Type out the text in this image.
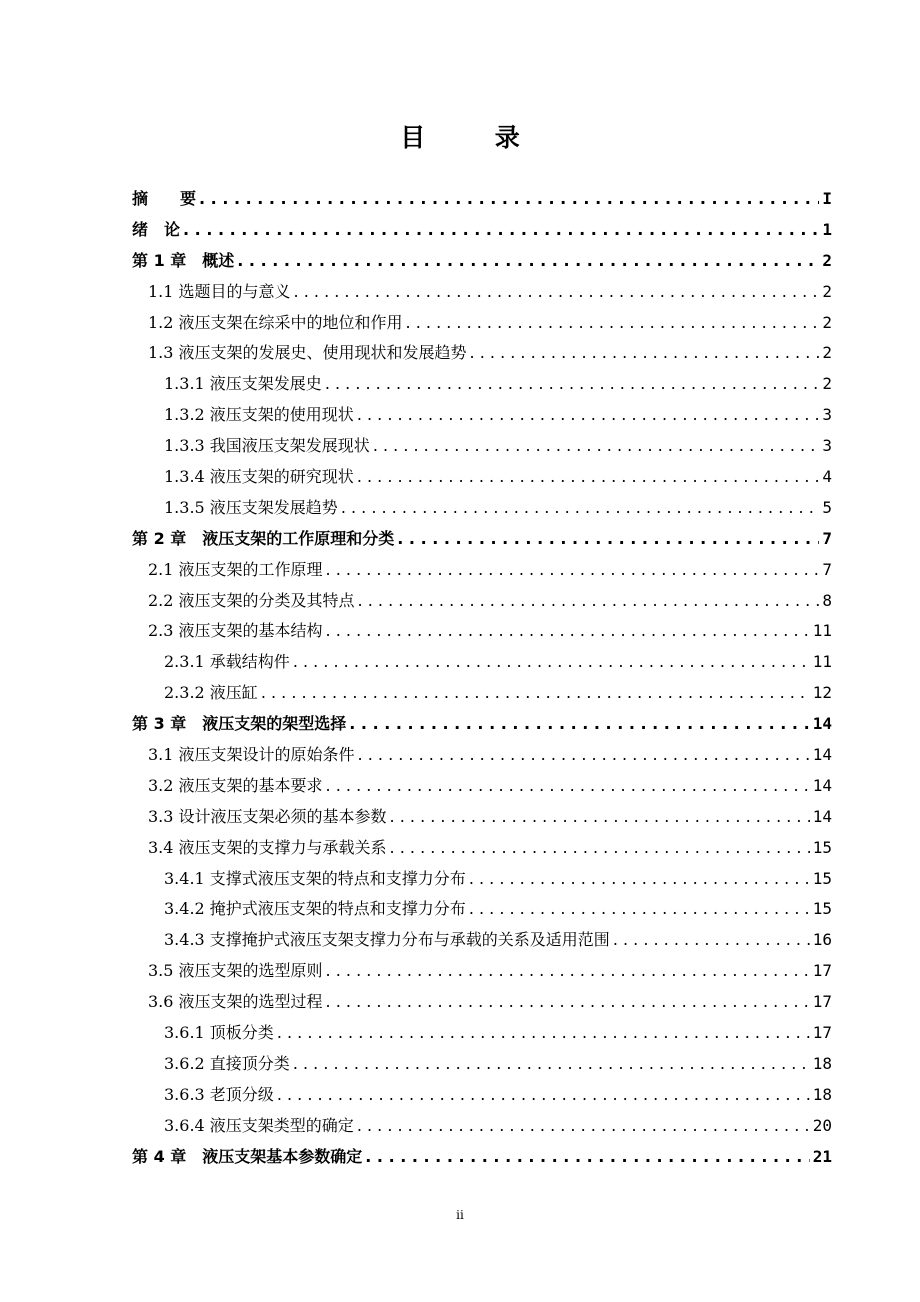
目	录
摘　　要 . . .	I
绪　论 . . .	1
第 1 章　概述 . . .	2
1.1 选题目的与意义 . . .	2
1.2 液压支架在综采中的地位和作用 . . .	2
1.3 液压支架的发展史、使用现状和发展趋势 . . .	2
1.3.1 液压支架发展史 . . .	2
1.3.2 液压支架的使用现状 . . .	3
1.3.3 我国液压支架发展现状 . . .	3
1.3.4 液压支架的研究现状 . . .	4
1.3.5 液压支架发展趋势 . . .	5
第 2 章　液压支架的工作原理和分类 . . .	7
2.1 液压支架的工作原理 . . .	7
2.2 液压支架的分类及其特点 . . .	8
2.3 液压支架的基本结构 . . .	11
2.3.1 承载结构件 . . .	11
2.3.2 液压缸 . . .	12
第 3 章　液压支架的架型选择 . . .	14
3.1 液压支架设计的原始条件 . . .	14
3.2 液压支架的基本要求 . . .	14
3.3 设计液压支架必须的基本参数 . . .	14
3.4 液压支架的支撑力与承载关系 . . .	15
3.4.1 支撑式液压支架的特点和支撑力分布 . . .	15
3.4.2 掩护式液压支架的特点和支撑力分布 . . .	15
3.4.3 支撑掩护式液压支架支撑力分布与承载的关系及适用范围 . . .	16
3.5 液压支架的选型原则 . . .	17
3.6 液压支架的选型过程 . . .	17
3.6.1 顶板分类 . . .	17
3.6.2 直接顶分类 . . .	18
3.6.3 老顶分级 . . .	18
3.6.4 液压支架类型的确定 . . .	20
第 4 章　液压支架基本参数确定 . . .	21
ii
